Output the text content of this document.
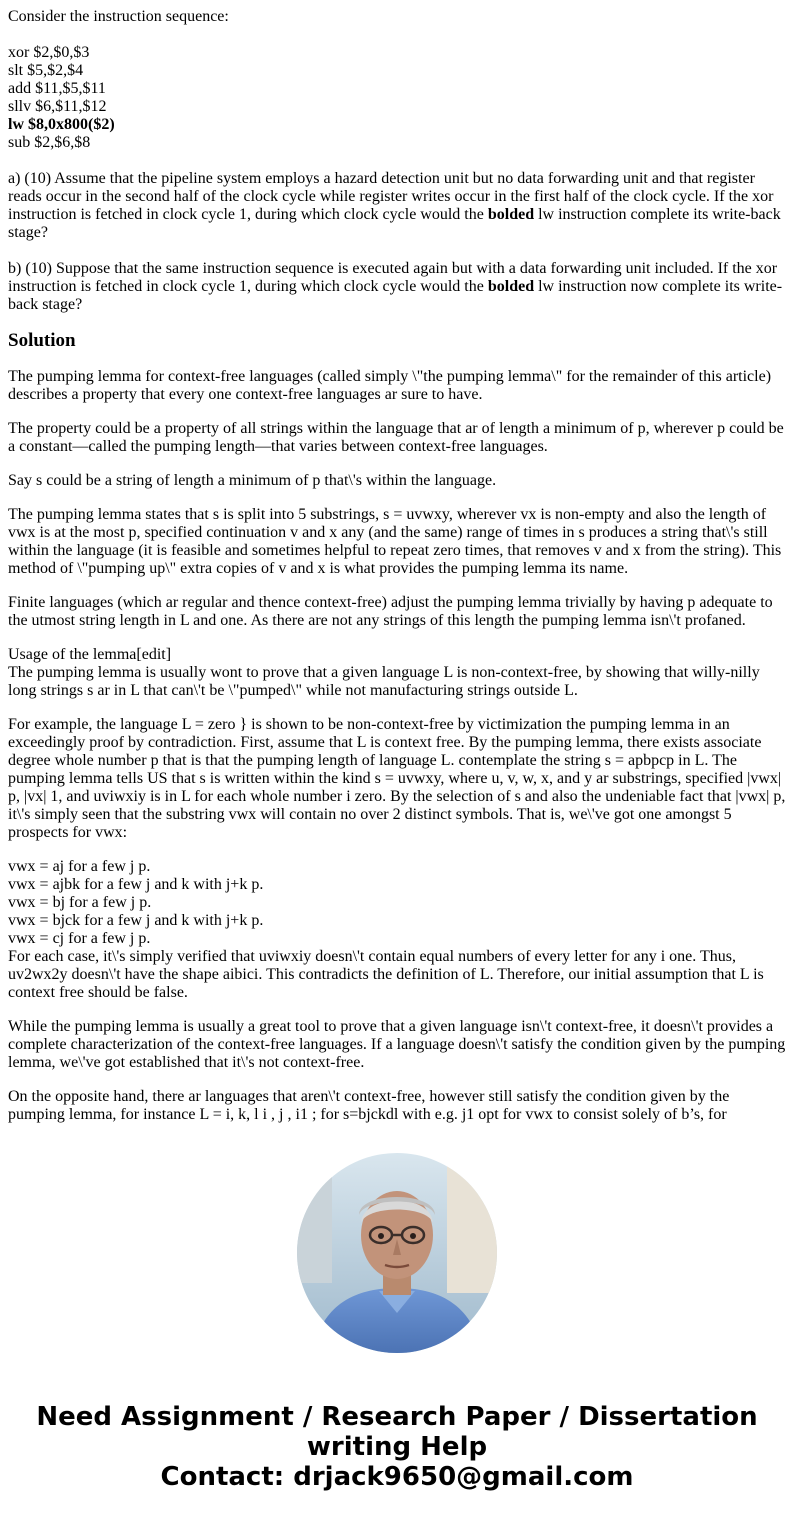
Consider the instruction sequence:

xor $2,$0,$3
slt $5,$2,$4
add $11,$5,$11
sllv $6,$11,$12
lw $8,0x800($2)
sub $2,$6,$8

a) (10) Assume that the pipeline system employs a hazard detection unit but no data forwarding unit and that register reads occur in the second half of the clock cycle while register writes occur in the first half of the clock cycle. If the xor instruction is fetched in clock cycle 1, during which clock cycle would the bolded lw instruction complete its write-back stage?

b) (10) Suppose that the same instruction sequence is executed again but with a data forwarding unit included. If the xor instruction is fetched in clock cycle 1, during which clock cycle would the bolded lw instruction now complete its write-back stage?

Solution

The pumping lemma for context-free languages (called simply \"the pumping lemma\" for the remainder of this article) describes a property that every one context-free languages ar sure to have.

The property could be a property of all strings within the language that ar of length a minimum of p, wherever p could be a constant—called the pumping length—that varies between context-free languages.

Say s could be a string of length a minimum of p that\'s within the language.

The pumping lemma states that s is split into 5 substrings, s = uvwxy, wherever vx is non-empty and also the length of vwx is at the most p, specified continuation v and x any (and the same) range of times in s produces a string that\'s still within the language (it is feasible and sometimes helpful to repeat zero times, that removes v and x from the string). This method of \"pumping up\" extra copies of v and x is what provides the pumping lemma its name.

Finite languages (which ar regular and thence context-free) adjust the pumping lemma trivially by having p adequate to the utmost string length in L and one. As there are not any strings of this length the pumping lemma isn\'t profaned.

Usage of the lemma[edit]
The pumping lemma is usually wont to prove that a given language L is non-context-free, by showing that willy-nilly long strings s ar in L that can\'t be \"pumped\" while not manufacturing strings outside L.

For example, the language L = zero } is shown to be non-context-free by victimization the pumping lemma in an exceedingly proof by contradiction. First, assume that L is context free. By the pumping lemma, there exists associate degree whole number p that is that the pumping length of language L. contemplate the string s = apbpcp in L. The pumping lemma tells US that s is written within the kind s = uvwxy, where u, v, w, x, and y ar substrings, specified |vwx| p, |vx| 1, and uviwxiy is in L for each whole number i zero. By the selection of s and also the undeniable fact that |vwx| p, it\'s simply seen that the substring vwx will contain no over 2 distinct symbols. That is, we\'ve got one amongst 5 prospects for vwx:

vwx = aj for a few j p.
vwx = ajbk for a few j and k with j+k p.
vwx = bj for a few j p.
vwx = bjck for a few j and k with j+k p.
vwx = cj for a few j p.
For each case, it\'s simply verified that uviwxiy doesn\'t contain equal numbers of every letter for any i one. Thus, uv2wx2y doesn\'t have the shape aibici. This contradicts the definition of L. Therefore, our initial assumption that L is context free should be false.

While the pumping lemma is usually a great tool to prove that a given language isn\'t context-free, it doesn\'t provides a complete characterization of the context-free languages. If a language doesn\'t satisfy the condition given by the pumping lemma, we\'ve got established that it\'s not context-free.

On the opposite hand, there ar languages that aren\'t context-free, however still satisfy the condition given by the pumping lemma, for instance L = i, k, l i , j , i1 ; for s=bjckdl with e.g. j1 opt for vwx to consist solely of b’s, for

Need Assignment / Research Paper / Dissertation
writing Help
Contact: drjack9650@gmail.com
